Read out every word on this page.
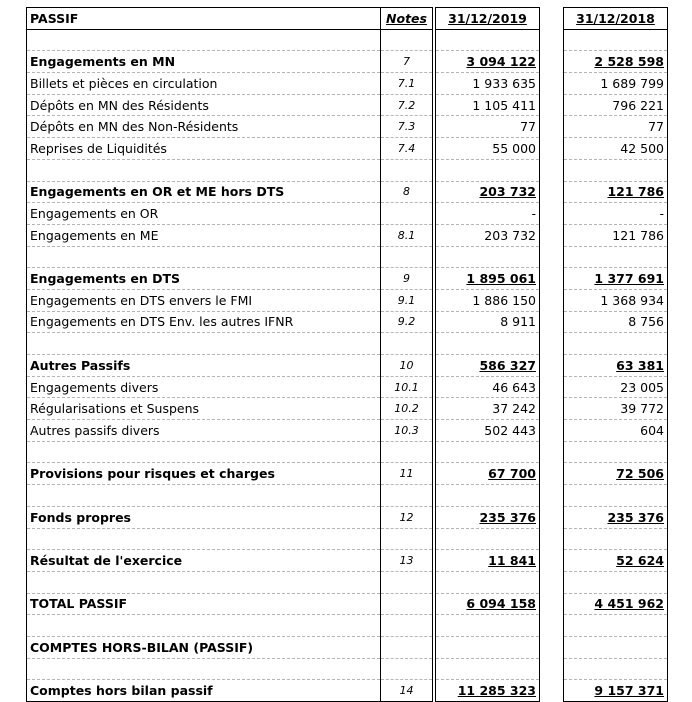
PASSIF	Notes		31/12/2019		31/12/2018

Engagements en MN	7		3 094 122		2 528 598
Billets et pièces en circulation	7.1		1 933 635		1 689 799
Dépôts en MN des Résidents	7.2		1 105 411		796 221
Dépôts en MN des Non-Résidents	7.3		77		77
Reprises de Liquidités	7.4		55 000		42 500

Engagements en OR et ME hors DTS	8		203 732		121 786
Engagements en OR			-		-
Engagements en ME	8.1		203 732		121 786

Engagements en DTS	9		1 895 061		1 377 691
Engagements en DTS envers le FMI	9.1		1 886 150		1 368 934
Engagements en DTS Env. les autres IFNR	9.2		8 911		8 756

Autres Passifs	10		586 327		63 381
Engagements divers	10.1		46 643		23 005
Régularisations et Suspens	10.2		37 242		39 772
Autres passifs divers	10.3		502 443		604

Provisions pour risques et charges	11		67 700		72 506

Fonds propres	12		235 376		235 376

Résultat de l'exercice	13		11 841		52 624

TOTAL PASSIF			6 094 158		4 451 962

COMPTES HORS-BILAN (PASSIF)					

Comptes hors bilan passif	14		11 285 323		9 157 371
